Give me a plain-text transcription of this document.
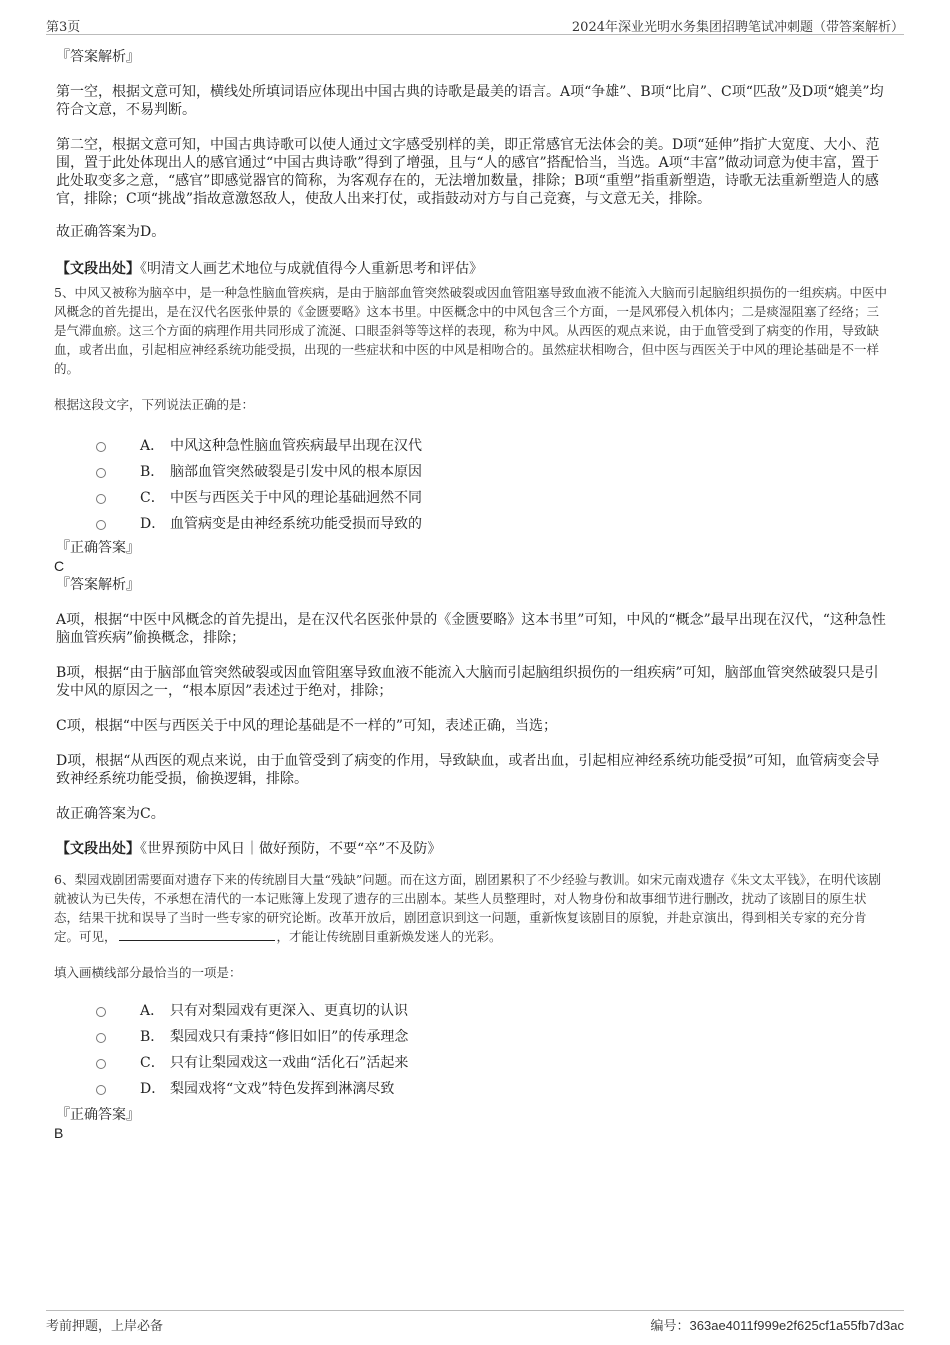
第3页	2024年深业光明水务集团招聘笔试冲刺题（带答案解析）

『答案解析』

第一空，根据文意可知，横线处所填词语应体现出中国古典的诗歌是最美的语言。A项“争雄”、B项“比肩”、C项“匹敌”及D项“媲美”均符合文意，不易判断。

第二空，根据文意可知，中国古典诗歌可以使人通过文字感受别样的美，即正常感官无法体会的美。D项“延伸”指扩大宽度、大小、范围，置于此处体现出人的感官通过“中国古典诗歌”得到了增强，且与“人的感官”搭配恰当，当选。A项“丰富”做动词意为使丰富，置于此处取变多之意，“感官”即感觉器官的简称，为客观存在的，无法增加数量，排除；B项“重塑”指重新塑造，诗歌无法重新塑造人的感官，排除；C项“挑战”指故意激怒敌人，使敌人出来打仗，或指鼓动对方与自己竞赛，与文意无关，排除。

故正确答案为D。

【文段出处】《明清文人画艺术地位与成就值得今人重新思考和评估》

5、中风又被称为脑卒中，是一种急性脑血管疾病，是由于脑部血管突然破裂或因血管阻塞导致血液不能流入大脑而引起脑组织损伤的一组疾病。中医中风概念的首先提出，是在汉代名医张仲景的《金匮要略》这本书里。中医概念中的中风包含三个方面，一是风邪侵入机体内；二是痰湿阻塞了经络；三是气滞血瘀。这三个方面的病理作用共同形成了流涎、口眼歪斜等等这样的表现，称为中风。从西医的观点来说，由于血管受到了病变的作用，导致缺血，或者出血，引起相应神经系统功能受损，出现的一些症状和中医的中风是相吻合的。虽然症状相吻合，但中医与西医关于中风的理论基础是不一样的。

根据这段文字，下列说法正确的是：

A． 中风这种急性脑血管疾病最早出现在汉代
B． 脑部血管突然破裂是引发中风的根本原因
C． 中医与西医关于中风的理论基础迥然不同
D． 血管病变是由神经系统功能受损而导致的

『正确答案』

C

『答案解析』

A项，根据“中医中风概念的首先提出，是在汉代名医张仲景的《金匮要略》这本书里”可知，中风的“概念”最早出现在汉代，“这种急性脑血管疾病”偷换概念，排除；

B项，根据“由于脑部血管突然破裂或因血管阻塞导致血液不能流入大脑而引起脑组织损伤的一组疾病”可知，脑部血管突然破裂只是引发中风的原因之一，“根本原因”表述过于绝对，排除；

C项，根据“中医与西医关于中风的理论基础是不一样的”可知，表述正确，当选；

D项，根据“从西医的观点来说，由于血管受到了病变的作用，导致缺血，或者出血，引起相应神经系统功能受损”可知，血管病变会导致神经系统功能受损，偷换逻辑，排除。

故正确答案为C。

【文段出处】《世界预防中风日｜做好预防，不要“卒”不及防》

6、梨园戏剧团需要面对遗存下来的传统剧目大量“残缺”问题。而在这方面，剧团累积了不少经验与教训。如宋元南戏遗存《朱文太平钱》，在明代该剧就被认为已失传，不承想在清代的一本记账簿上发现了遗存的三出剧本。某些人员整理时，对人物身份和故事细节进行删改，扰动了该剧目的原生状态，结果干扰和误导了当时一些专家的研究论断。改革开放后，剧团意识到这一问题，重新恢复该剧目的原貌，并赴京演出，得到相关专家的充分肯定。可见，	，才能让传统剧目重新焕发迷人的光彩。

填入画横线部分最恰当的一项是：

A． 只有对梨园戏有更深入、更真切的认识
B． 梨园戏只有秉持“修旧如旧”的传承理念
C． 只有让梨园戏这一戏曲“活化石”活起来
D． 梨园戏将“文戏”特色发挥到淋漓尽致

『正确答案』

B

考前押题，上岸必备	编号：363ae4011f999e2f625cf1a55fb7d3ac
